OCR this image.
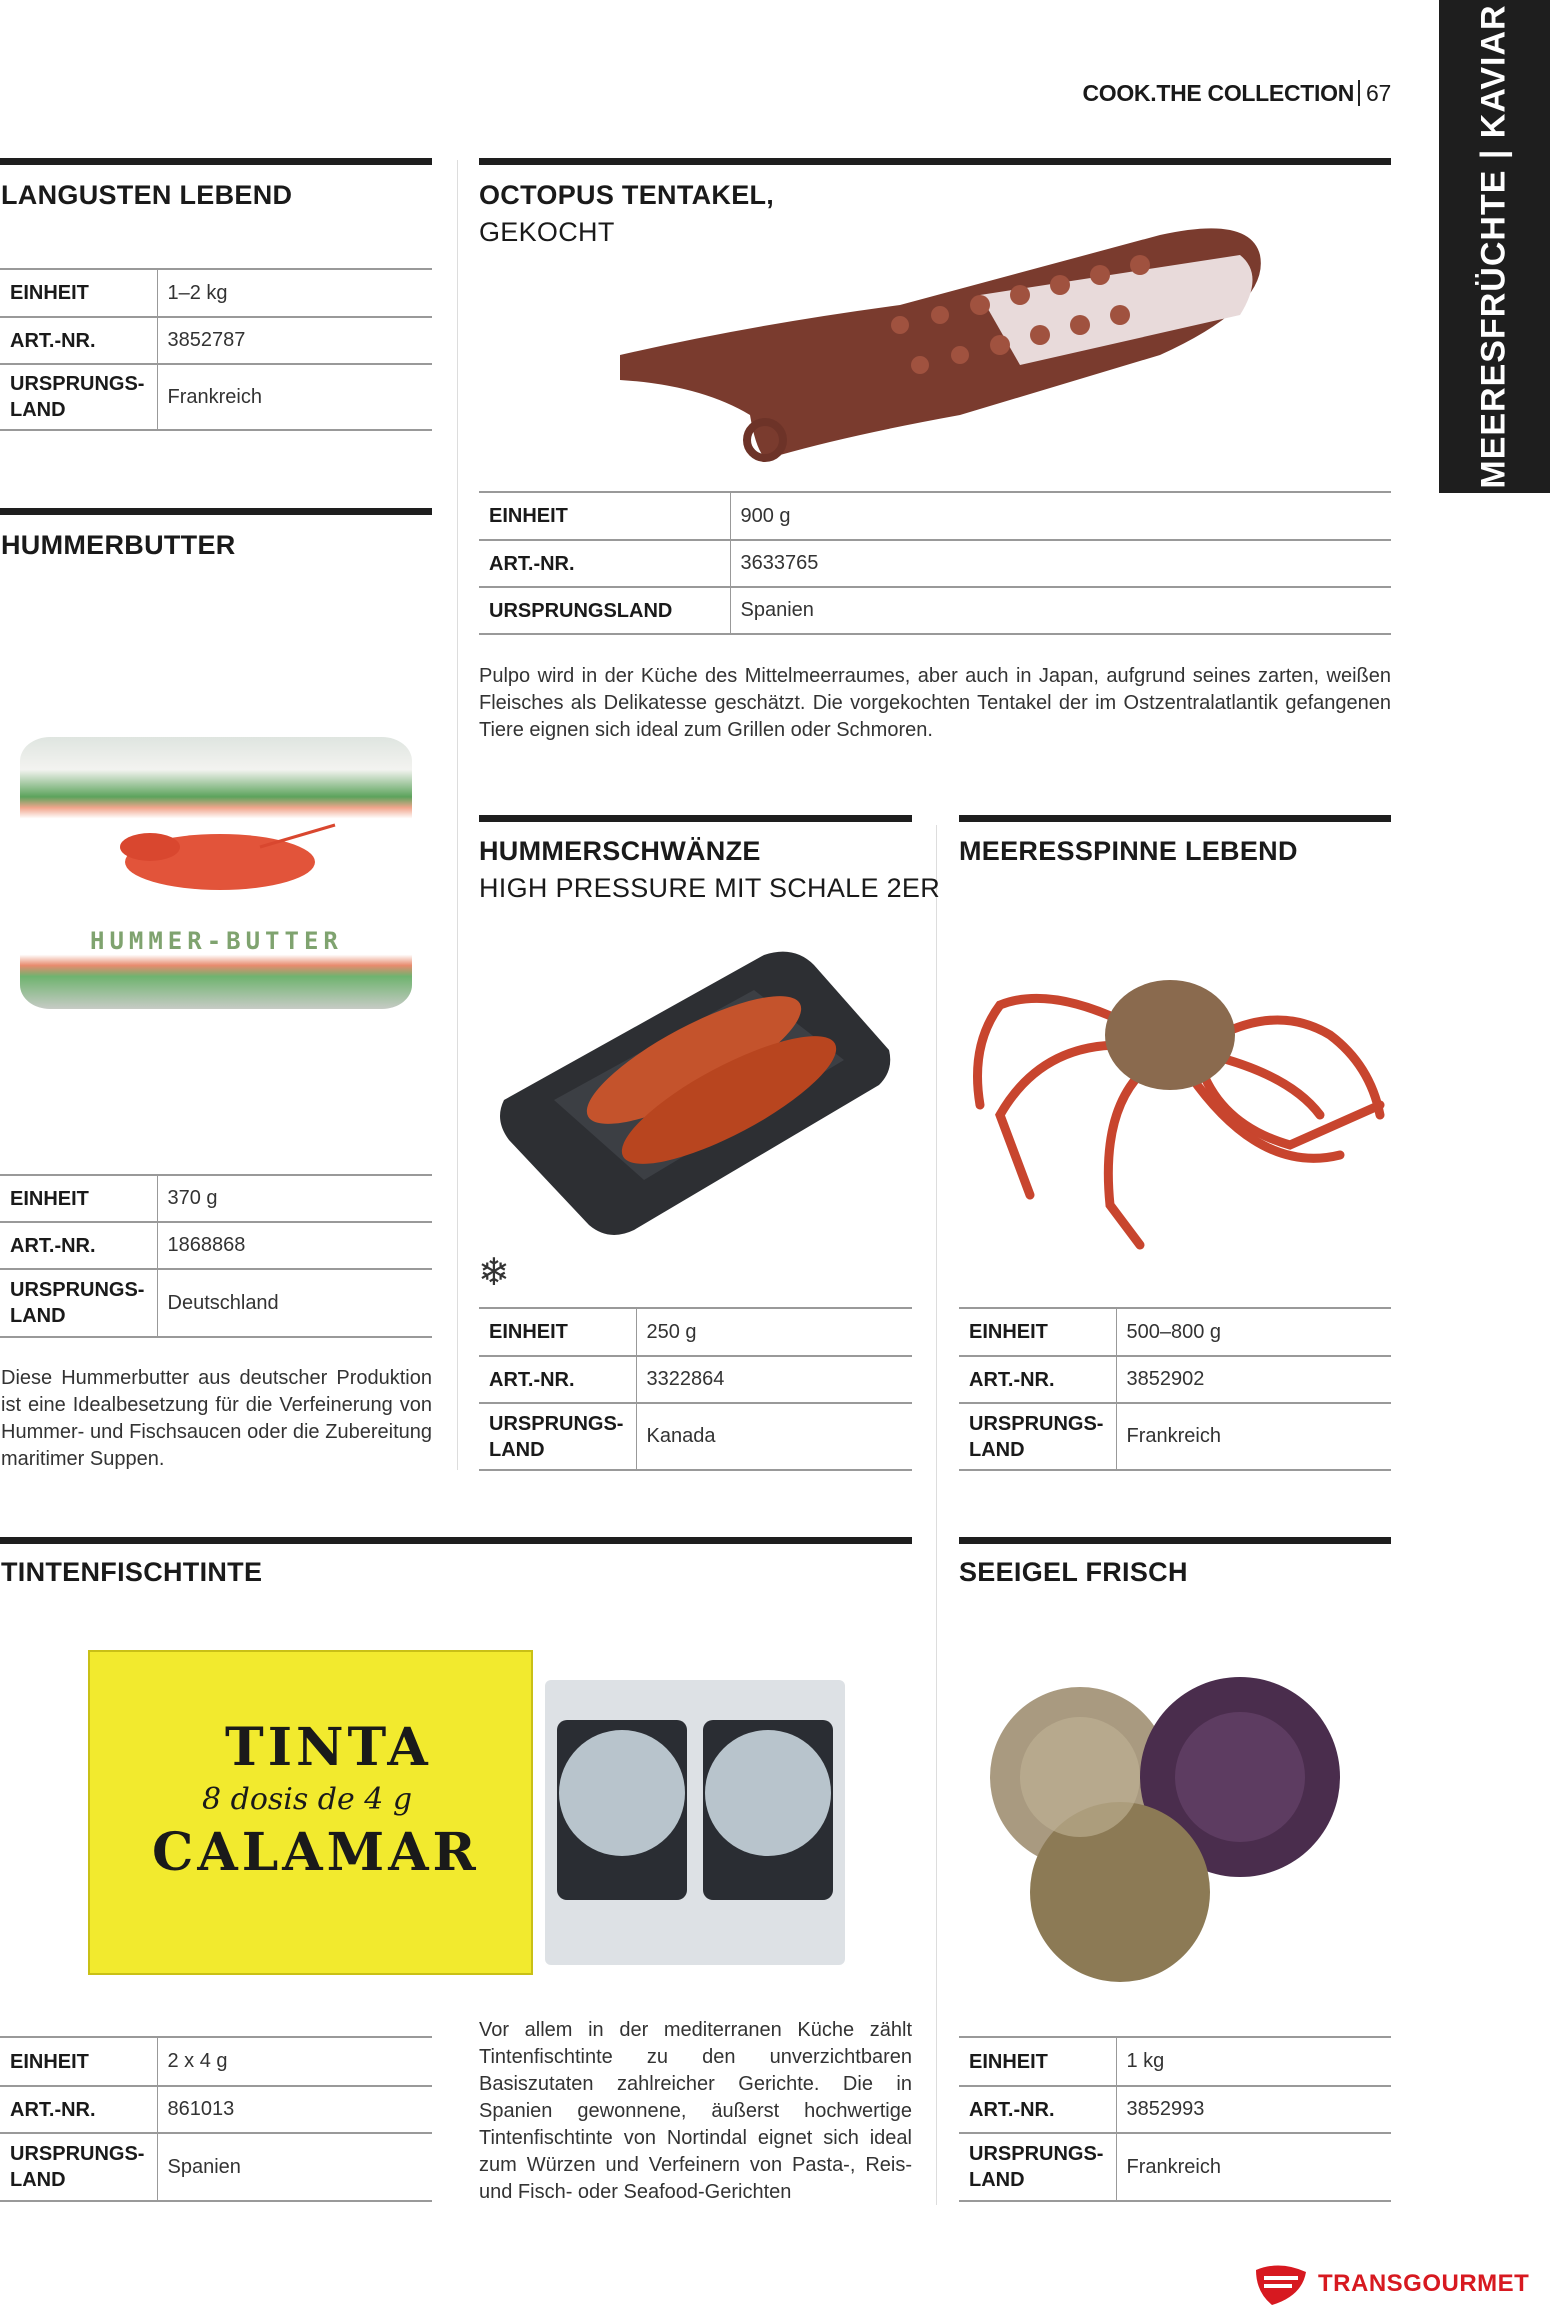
COOK.THE COLLECTION 67 MEERESFRÜCHTE | KAVIAR
LANGUSTEN LEBEND
EINHEIT	1–2 kg
ART.-NR.	3852787
URSPRUNGS-
LAND	Frankreich
OCTOPUS TENTAKEL,
GEKOCHT
EINHEIT	900 g
ART.-NR.	3633765
URSPRUNGSLAND	Spanien
Pulpo wird in der Küche des Mittelmeerraumes, aber auch in Japan, aufgrund seines zarten, weißen Fleisches als Delikatesse geschätzt. Die vorgekochten Tentakel der im Ostzentralatlantik gefangenen Tiere eignen sich ideal zum Grillen oder Schmoren.
HUMMERBUTTER
HUMMER-BUTTER
EINHEIT	370 g
ART.-NR.	1868868
URSPRUNGS-
LAND	Deutschland
Diese Hummerbutter aus deutscher Produktion ist eine Idealbesetzung für die Verfeinerung von Hummer- und Fischsaucen oder die Zubereitung maritimer Suppen.
HUMMERSCHWÄNZE
HIGH PRESSURE MIT SCHALE 2ER
❄
EINHEIT	250 g
ART.-NR.	3322864
URSPRUNGS-
LAND	Kanada
MEERESSPINNE LEBEND
EINHEIT	500–800 g
ART.-NR.	3852902
URSPRUNGS-
LAND	Frankreich
TINTENFISCHTINTE
TINTA
8 dosis de 4 g
CALAMAR
EINHEIT	2 x 4 g
ART.-NR.	861013
URSPRUNGS-
LAND	Spanien
Vor allem in der mediterranen Küche zählt Tintenfischtinte zu den unverzichtbaren Basiszutaten zahlreicher Gerichte. Die in Spanien gewonnene, äußerst hochwertige Tintenfischtinte von Nortindal eignet sich ideal zum Würzen und Verfeinern von Pasta-, Reis- und Fisch- oder Seafood-Gerichten
SEEIGEL FRISCH
EINHEIT	1 kg
ART.-NR.	3852993
URSPRUNGS-
LAND	Frankreich
TRANSGOURMET
